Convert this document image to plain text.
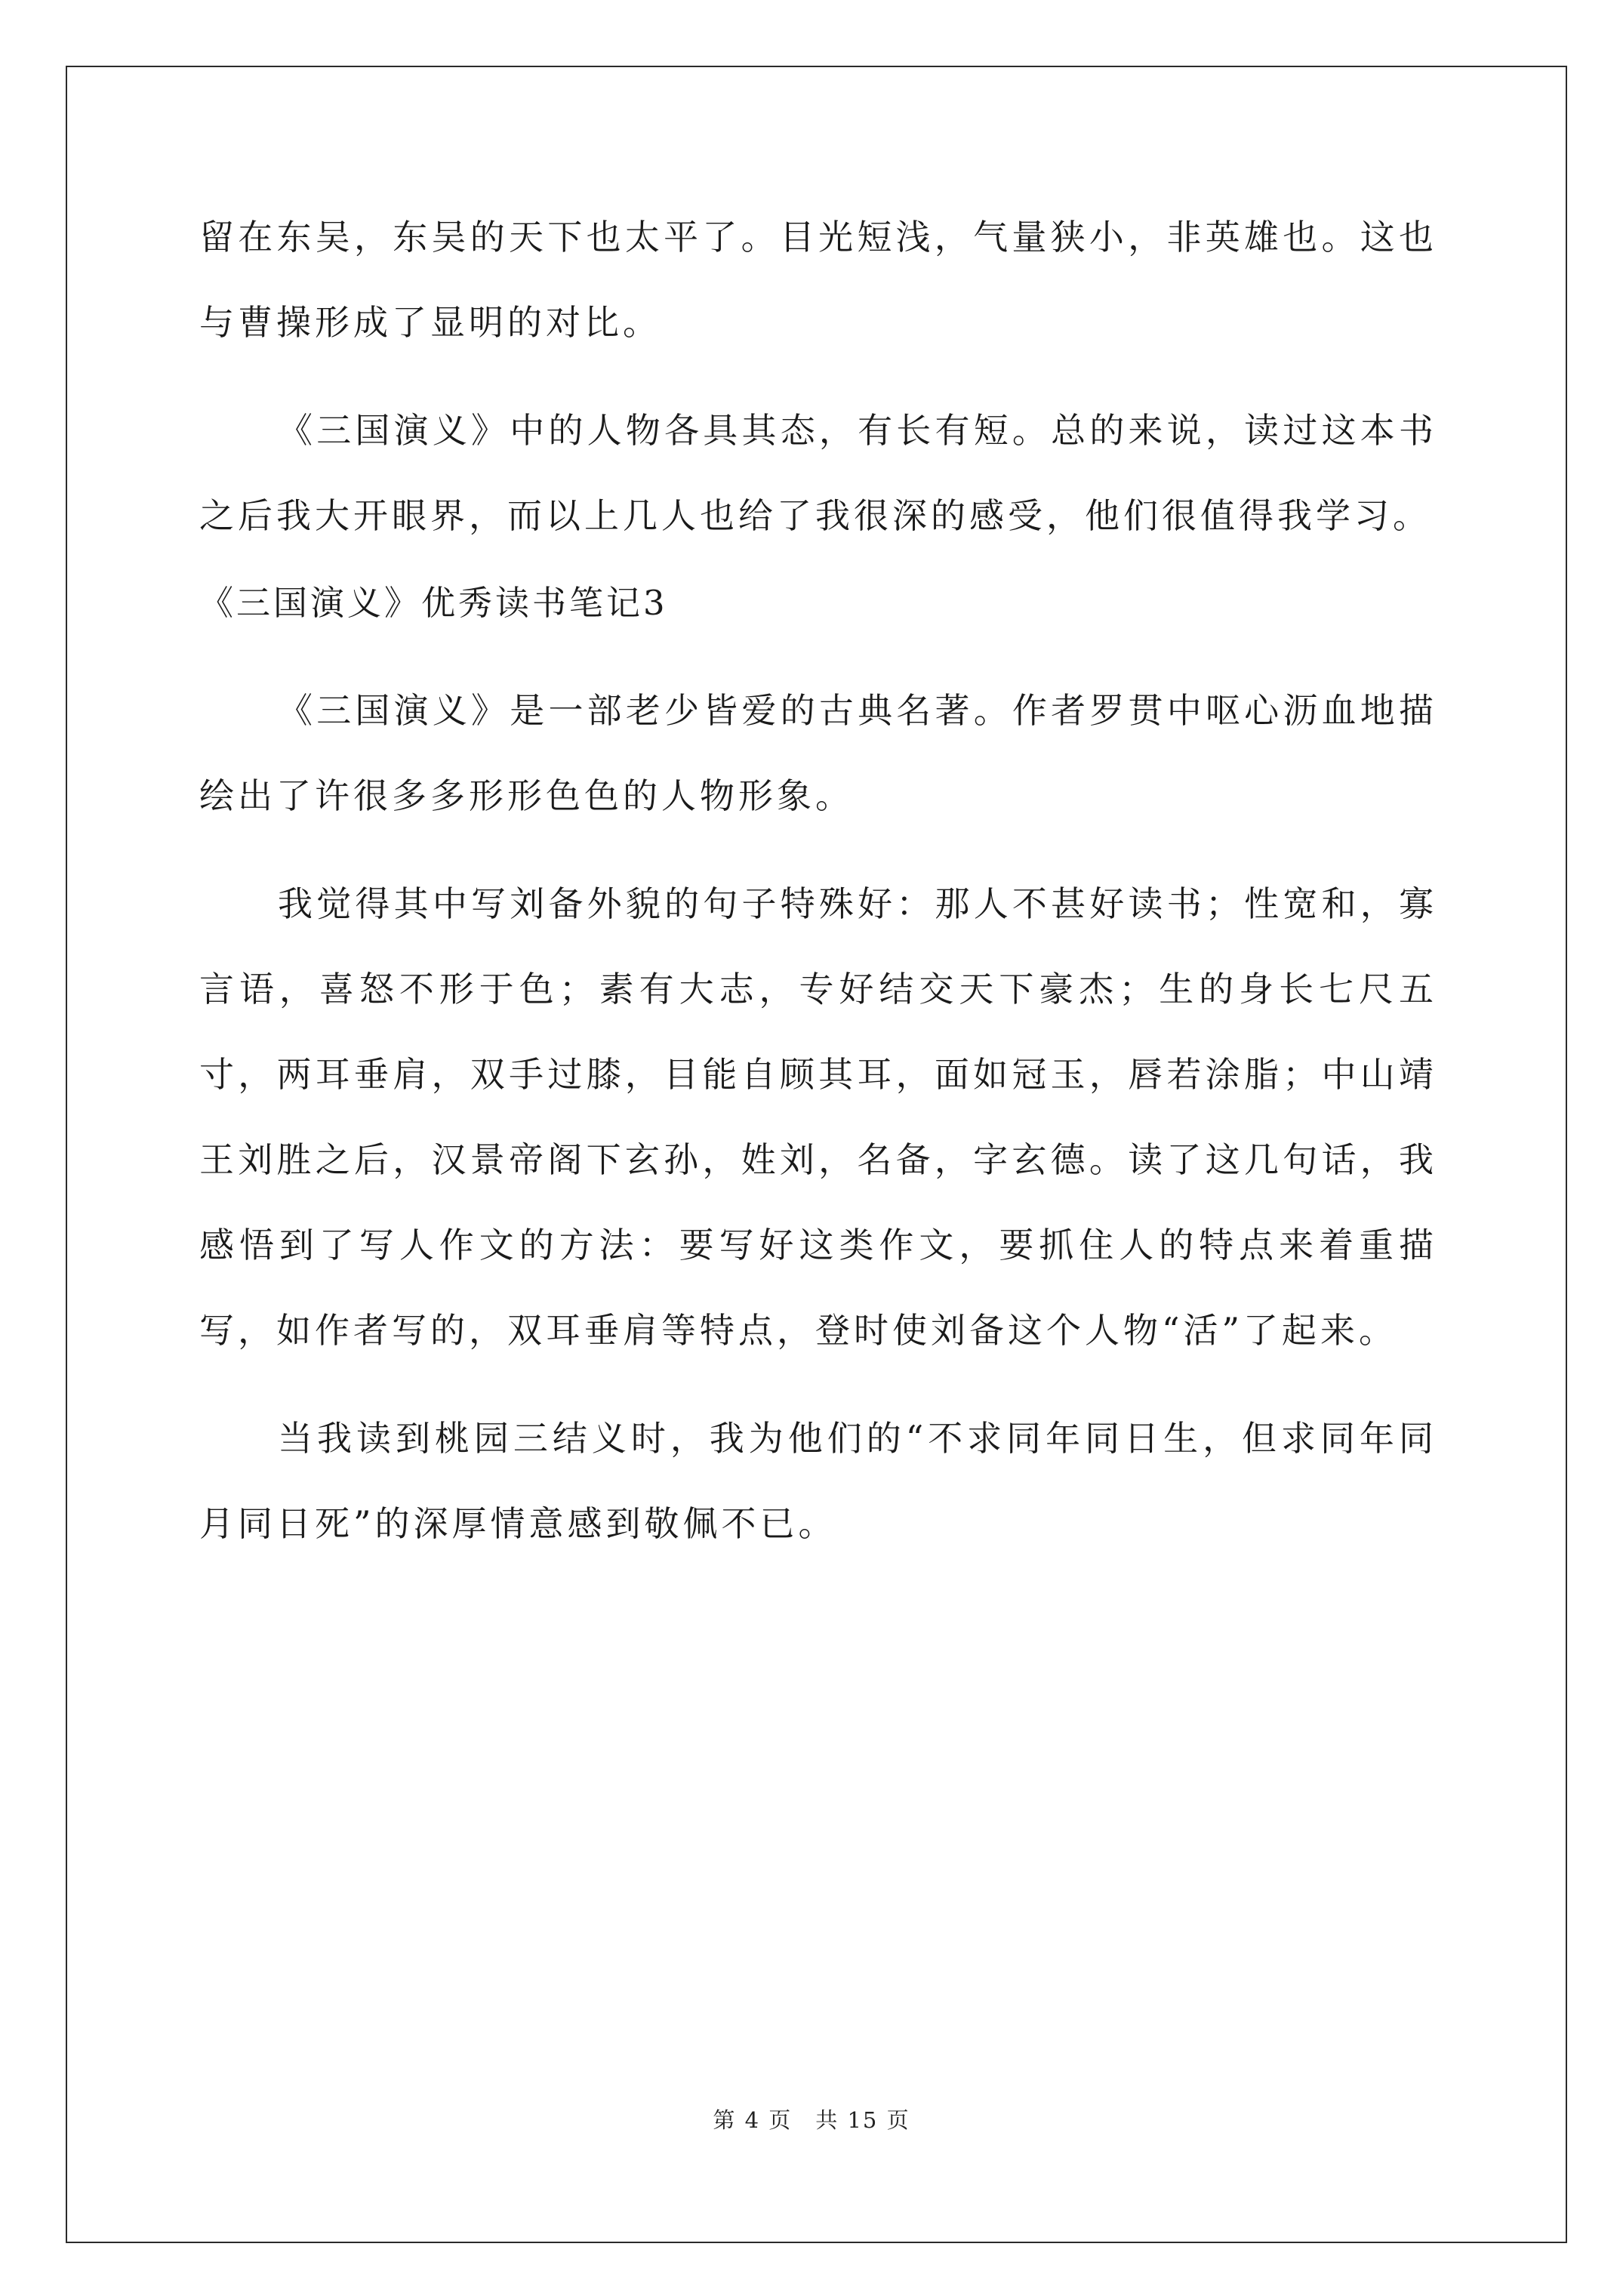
留在东吴，东吴的天下也太平了。目光短浅，气量狭小，非英雄也。这也与曹操形成了显明的对比。

《三国演义》中的人物各具其态，有长有短。总的来说，读过这本书之后我大开眼界，而以上几人也给了我很深的感受，他们很值得我学习。

《三国演义》优秀读书笔记3

《三国演义》是一部老少皆爱的古典名著。作者罗贯中呕心沥血地描绘出了许很多多形形色色的人物形象。

我觉得其中写刘备外貌的句子特殊好：那人不甚好读书；性宽和，寡言语，喜怒不形于色；素有大志，专好结交天下豪杰；生的身长七尺五寸，两耳垂肩，双手过膝，目能自顾其耳，面如冠玉，唇若涂脂；中山靖王刘胜之后，汉景帝阁下玄孙，姓刘，名备，字玄德。读了这几句话，我感悟到了写人作文的方法：要写好这类作文，要抓住人的特点来着重描写，如作者写的，双耳垂肩等特点，登时使刘备这个人物“活”了起来。

当我读到桃园三结义时，我为他们的“不求同年同日生，但求同年同月同日死”的深厚情意感到敬佩不已。

第 4 页　共 15 页
